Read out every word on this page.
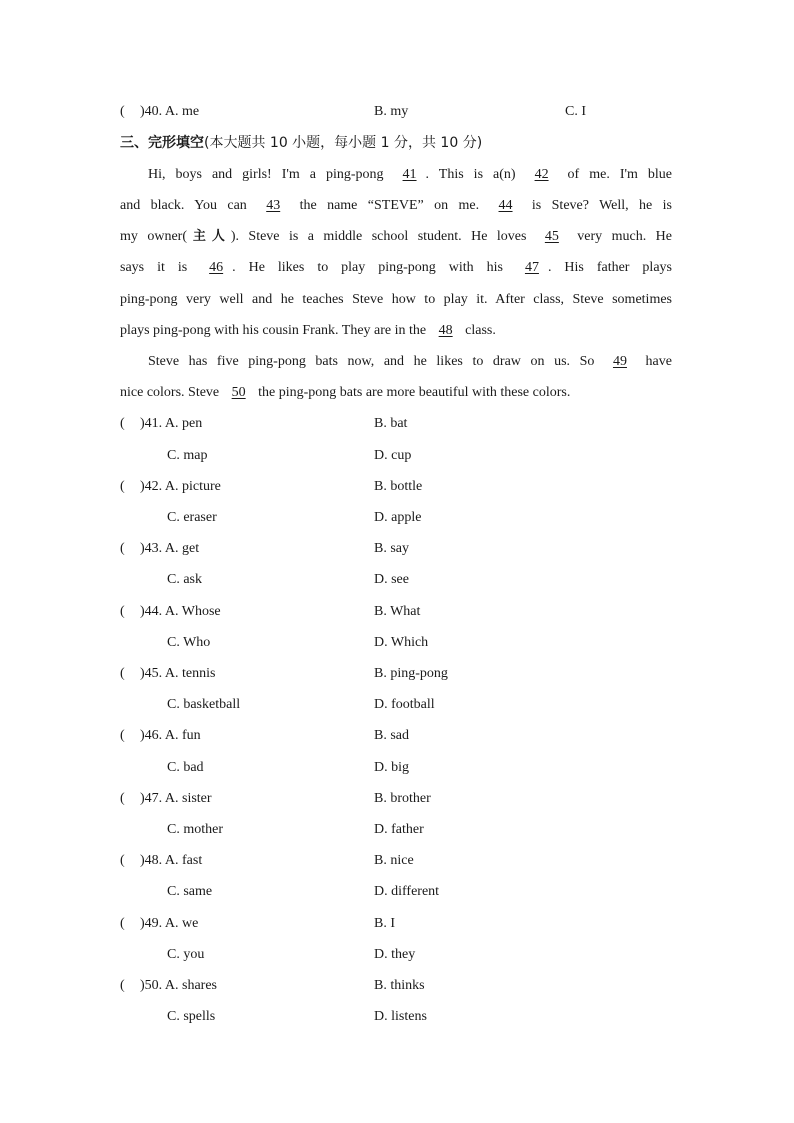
( )40. A. me	B. my	C. I
三、完形填空(本大题共 10 小题，每小题 1 分，共 10 分)
Hi, boys and girls! I'm a ping-pong 41 . This is a(n) 42 of me. I'm blue
and black. You can 43 the name “STEVE” on me. 44 is Steve? Well, he is
my owner(主人). Steve is a middle school student. He loves 45 very much. He
says it is 46 . He likes to play ping-pong with his 47 . His father plays
ping-pong very well and he teaches Steve how to play it. After class, Steve sometimes
plays ping-pong with his cousin Frank. They are in the 48 class.
Steve has five ping-pong bats now, and he likes to draw on us. So 49 have
nice colors. Steve 50 the ping-pong bats are more beautiful with these colors.
( )41. A. pen	B. bat
C. map	D. cup
( )42. A. picture	B. bottle
C. eraser	D. apple
( )43. A. get	B. say
C. ask	D. see
( )44. A. Whose	B. What
C. Who	D. Which
( )45. A. tennis	B. ping-pong
C. basketball	D. football
( )46. A. fun	B. sad
C. bad	D. big
( )47. A. sister	B. brother
C. mother	D. father
( )48. A. fast	B. nice
C. same	D. different
( )49. A. we	B. I
C. you	D. they
( )50. A. shares	B. thinks
C. spells	D. listens
